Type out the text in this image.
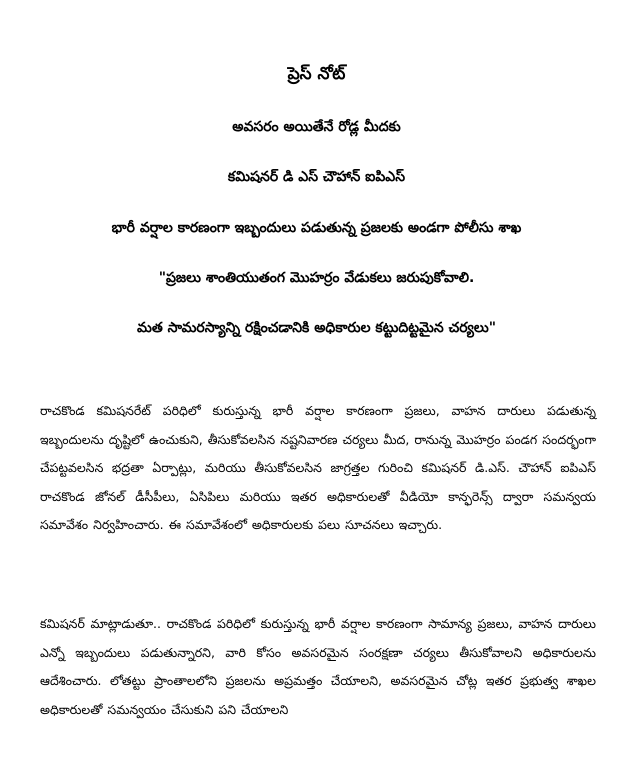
ప్రెస్ నోట్
అవసరం అయితేనే రోడ్ల మీదకు
కమిషనర్ డి ఎస్ చౌహాన్ ఐపిఎస్
భారీ వర్షాల కారణంగా ఇబ్బందులు పడుతున్న ప్రజలకు అండగా పోలీసు శాఖ
"ప్రజలు శాంతియుతంగ మొహర్రం వేడుకలు జరుపుకోవాలి.
మత సామరస్యాన్ని రక్షించడానికి అధికారుల కట్టుదిట్టమైన చర్యలు"

రాచకొండ కమిషనరేట్ పరిధిలో కురుస్తున్న భారీ వర్షాల కారణంగా ప్రజలు, వాహన దారులు పడుతున్న ఇబ్బందులను దృష్టిలో ఉంచుకుని, తీసుకోవలసిన నష్టనివారణ చర్యలు మీద, రానున్న మొహర్రం పండగ సందర్భంగా చేపట్టవలసిన భద్రతా ఏర్పాట్లు, మరియు తీసుకోవలసిన జాగ్రత్తల గురించి కమిషనర్ డి.ఎస్. చౌహాన్ ఐపిఎస్ రాచకొండ జోనల్ డీసీపీలు, ఏసిపిలు మరియు ఇతర అధికారులతో వీడియో కాన్ఫరెన్స్ ద్వారా సమన్వయ సమావేశం నిర్వహించారు. ఈ సమావేశంలో అధికారులకు పలు సూచనలు ఇచ్చారు.

కమిషనర్ మాట్లాడుతూ.. రాచకొండ పరిధిలో కురుస్తున్న భారీ వర్షాల కారణంగా సామాన్య ప్రజలు, వాహన దారులు ఎన్నో ఇబ్బందులు పడుతున్నారని, వారి కోసం అవసరమైన సంరక్షణా చర్యలు తీసుకోవాలని అధికారులను ఆదేశించారు. లోతట్టు ప్రాంతాలలోని ప్రజలను అప్రమత్తం చేయాలని, అవసరమైన చోట్ల ఇతర ప్రభుత్వ శాఖల అధికారులతో సమన్వయం చేసుకుని పని చేయాలని
